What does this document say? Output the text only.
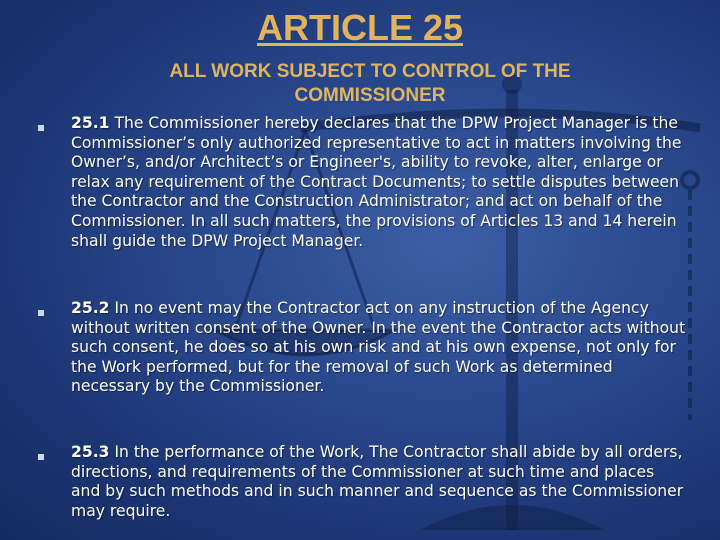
ARTICLE 25
ALL WORK SUBJECT TO CONTROL OF THE COMMISSIONER

25.1 The Commissioner hereby declares that the DPW Project Manager is the Commissioner’s only authorized representative to act in matters involving the Owner’s, and/or Architect’s or Engineer's, ability to revoke, alter, enlarge or relax any requirement of the Contract Documents; to settle disputes between the Contractor and the Construction Administrator; and act on behalf of the Commissioner. In all such matters, the provisions of Articles 13 and 14 herein shall guide the DPW Project Manager.

25.2 In no event may the Contractor act on any instruction of the Agency without written consent of the Owner. In the event the Contractor acts without such consent, he does so at his own risk and at his own expense, not only for the Work performed, but for the removal of such Work as determined necessary by the Commissioner.

25.3 In the performance of the Work, The Contractor shall abide by all orders, directions, and requirements of the Commissioner at such time and places and by such methods and in such manner and sequence as the Commissioner may require.
